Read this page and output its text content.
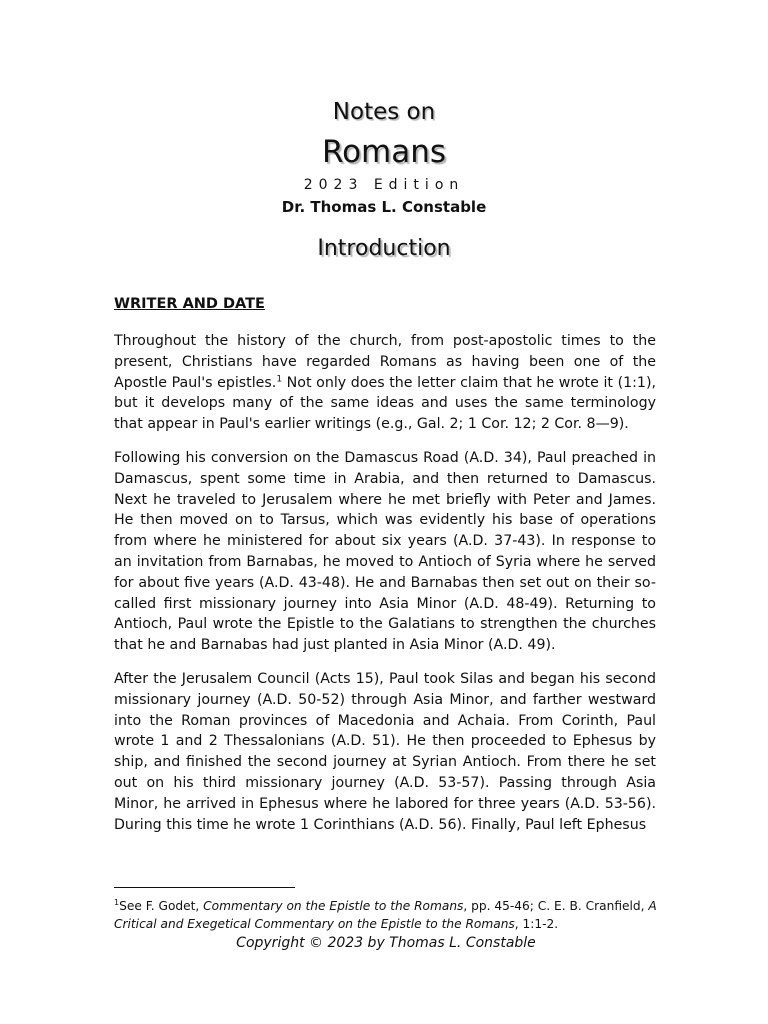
Notes on
Romans
2023 Edition
Dr. Thomas L. Constable
Introduction
WRITER AND DATE

Throughout the history of the church, from post-apostolic times to the present, Christians have regarded Romans as having been one of the Apostle Paul's epistles.$^1$ Not only does the letter claim that he wrote it (1:1), but it develops many of the same ideas and uses the same terminology that appear in Paul's earlier writings (e.g., Gal. 2; 1 Cor. 12; 2 Cor. 8—9).

Following his conversion on the Damascus Road (A.D. 34), Paul preached in Damascus, spent some time in Arabia, and then returned to Damascus. Next he traveled to Jerusalem where he met briefly with Peter and James. He then moved on to Tarsus, which was evidently his base of operations from where he ministered for about six years (A.D. 37-43). In response to an invitation from Barnabas, he moved to Antioch of Syria where he served for about five years (A.D. 43-48). He and Barnabas then set out on their so-called first missionary journey into Asia Minor (A.D. 48-49). Returning to Antioch, Paul wrote the Epistle to the Galatians to strengthen the churches that he and Barnabas had just planted in Asia Minor (A.D. 49).

After the Jerusalem Council (Acts 15), Paul took Silas and began his second missionary journey (A.D. 50-52) through Asia Minor, and farther westward into the Roman provinces of Macedonia and Achaia. From Corinth, Paul wrote 1 and 2 Thessalonians (A.D. 51). He then proceeded to Ephesus by ship, and finished the second journey at Syrian Antioch. From there he set out on his third missionary journey (A.D. 53-57). Passing through Asia Minor, he arrived in Ephesus where he labored for three years (A.D. 53-56). During this time he wrote 1 Corinthians (A.D. 56). Finally, Paul left Ephesus

$^1$See F. Godet, Commentary on the Epistle to the Romans, pp. 45-46; C. E. B. Cranfield, A Critical and Exegetical Commentary on the Epistle to the Romans, 1:1-2.
Copyright © 2023 by Thomas L. Constable
